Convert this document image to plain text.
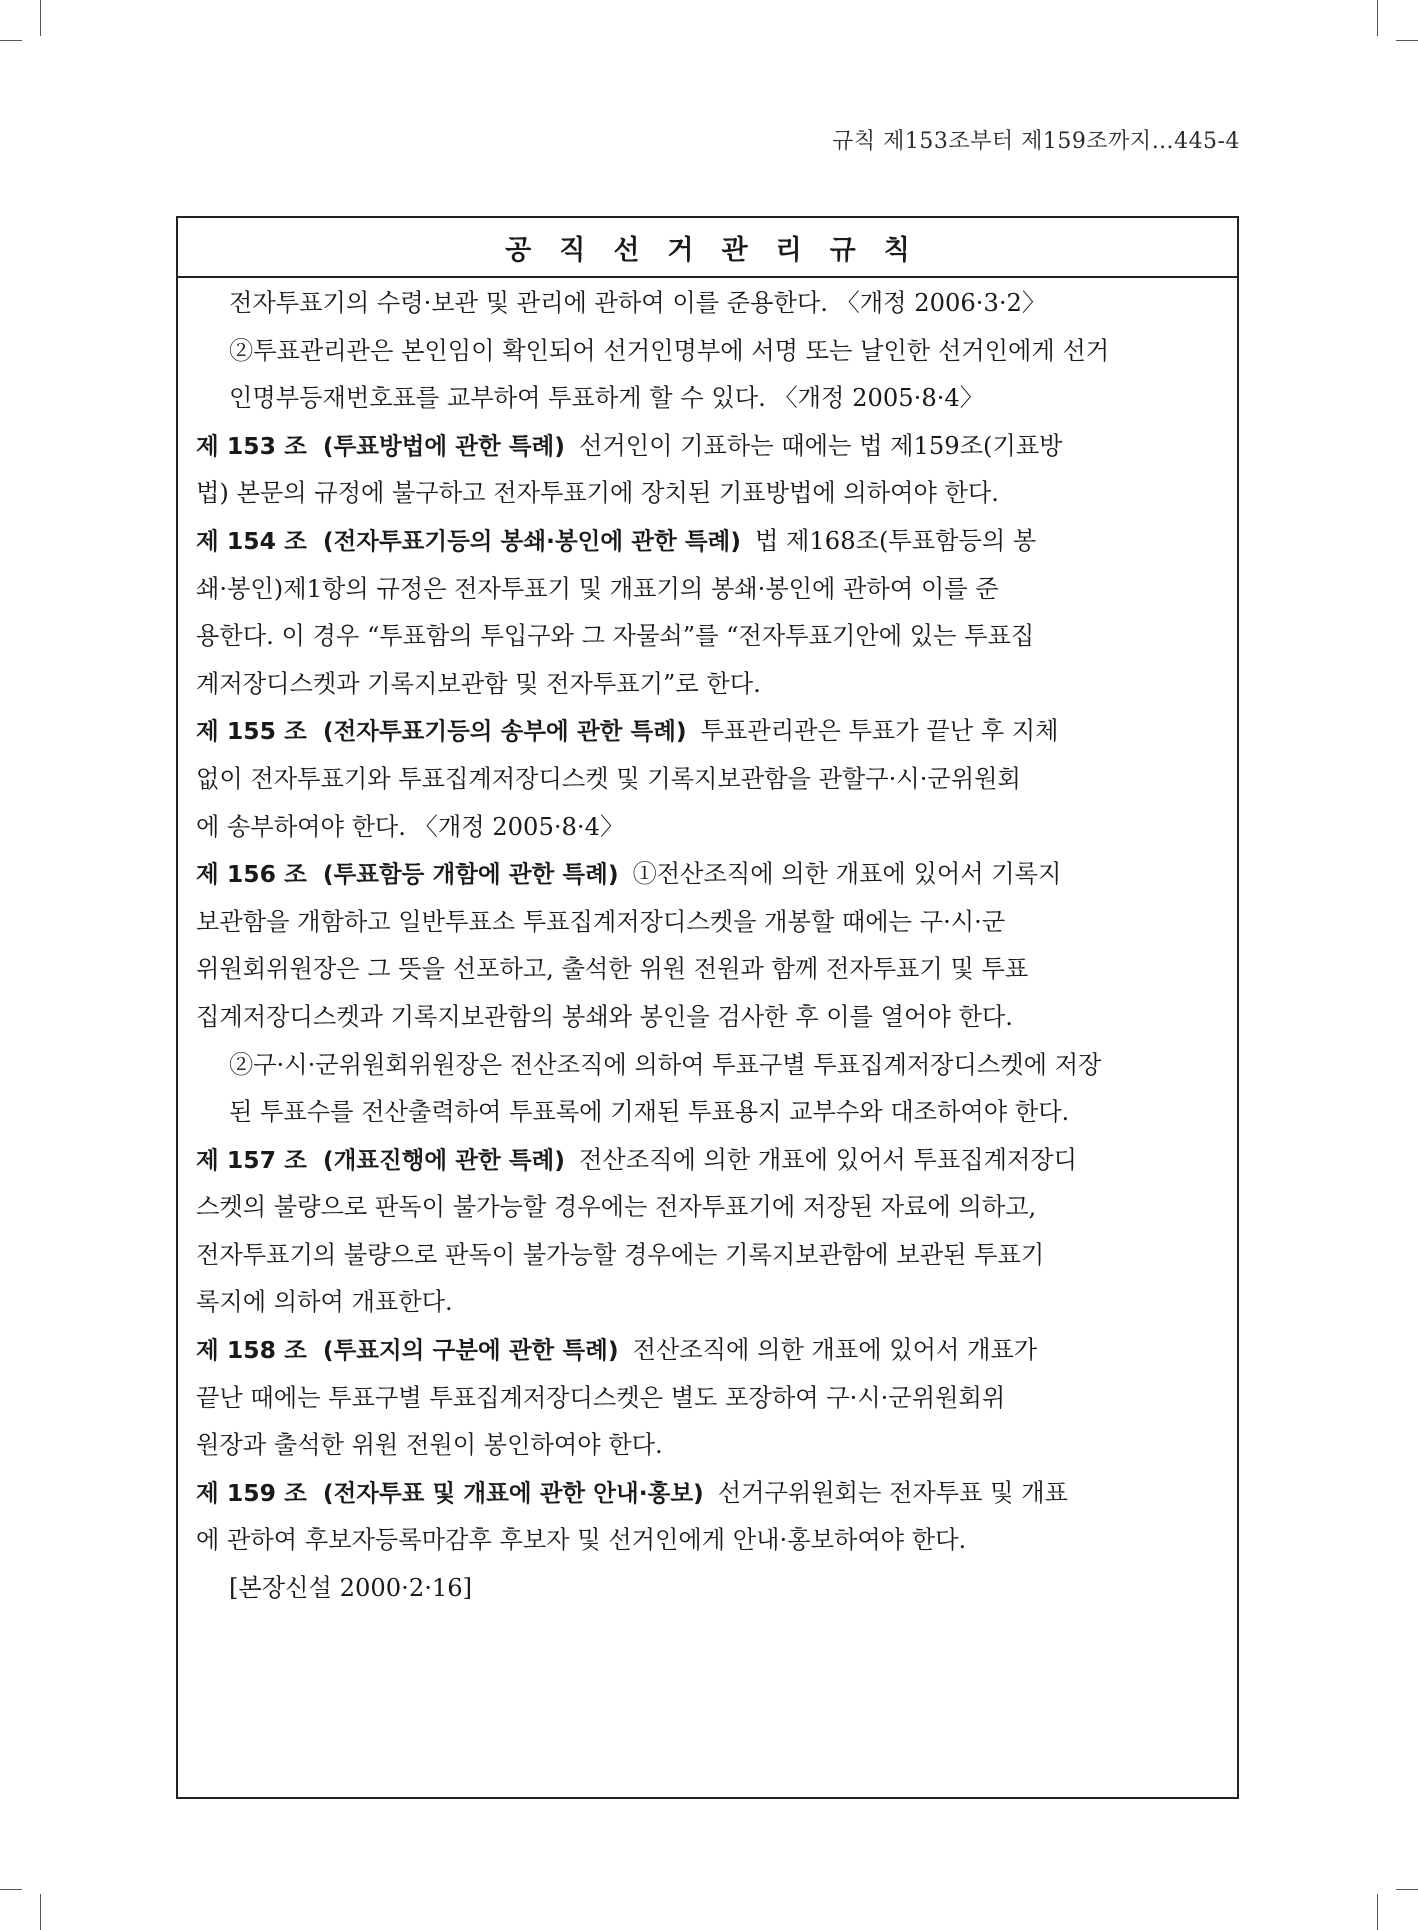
규칙 제153조부터 제159조까지…445-4
공직선거관리규칙

전자투표기의 수령·보관 및 관리에 관하여 이를 준용한다. 〈개정 2006·3·2〉

②투표관리관은 본인임이 확인되어 선거인명부에 서명 또는 날인한 선거인에게 선거
인명부등재번호표를 교부하여 투표하게 할 수 있다. 〈개정 2005·8·4〉

제 153 조 (투표방법에 관한 특례) 선거인이 기표하는 때에는 법 제159조(기표방
법) 본문의 규정에 불구하고 전자투표기에 장치된 기표방법에 의하여야 한다.

제 154 조 (전자투표기등의 봉쇄·봉인에 관한 특례) 법 제168조(투표함등의 봉
쇄·봉인)제1항의 규정은 전자투표기 및 개표기의 봉쇄·봉인에 관하여 이를 준
용한다. 이 경우 “투표함의 투입구와 그 자물쇠”를 “전자투표기안에 있는 투표집
계저장디스켓과 기록지보관함 및 전자투표기”로 한다.

제 155 조 (전자투표기등의 송부에 관한 특례) 투표관리관은 투표가 끝난 후 지체
없이 전자투표기와 투표집계저장디스켓 및 기록지보관함을 관할구·시·군위원회
에 송부하여야 한다. 〈개정 2005·8·4〉

제 156 조 (투표함등 개함에 관한 특례) ①전산조직에 의한 개표에 있어서 기록지
보관함을 개함하고 일반투표소 투표집계저장디스켓을 개봉할 때에는 구·시·군
위원회위원장은 그 뜻을 선포하고, 출석한 위원 전원과 함께 전자투표기 및 투표
집계저장디스켓과 기록지보관함의 봉쇄와 봉인을 검사한 후 이를 열어야 한다.

②구·시·군위원회위원장은 전산조직에 의하여 투표구별 투표집계저장디스켓에 저장
된 투표수를 전산출력하여 투표록에 기재된 투표용지 교부수와 대조하여야 한다.

제 157 조 (개표진행에 관한 특례) 전산조직에 의한 개표에 있어서 투표집계저장디
스켓의 불량으로 판독이 불가능할 경우에는 전자투표기에 저장된 자료에 의하고,
전자투표기의 불량으로 판독이 불가능할 경우에는 기록지보관함에 보관된 투표기
록지에 의하여 개표한다.

제 158 조 (투표지의 구분에 관한 특례) 전산조직에 의한 개표에 있어서 개표가
끝난 때에는 투표구별 투표집계저장디스켓은 별도 포장하여 구·시·군위원회위
원장과 출석한 위원 전원이 봉인하여야 한다.

제 159 조 (전자투표 및 개표에 관한 안내·홍보) 선거구위원회는 전자투표 및 개표
에 관하여 후보자등록마감후 후보자 및 선거인에게 안내·홍보하여야 한다.

[본장신설 2000·2·16]
